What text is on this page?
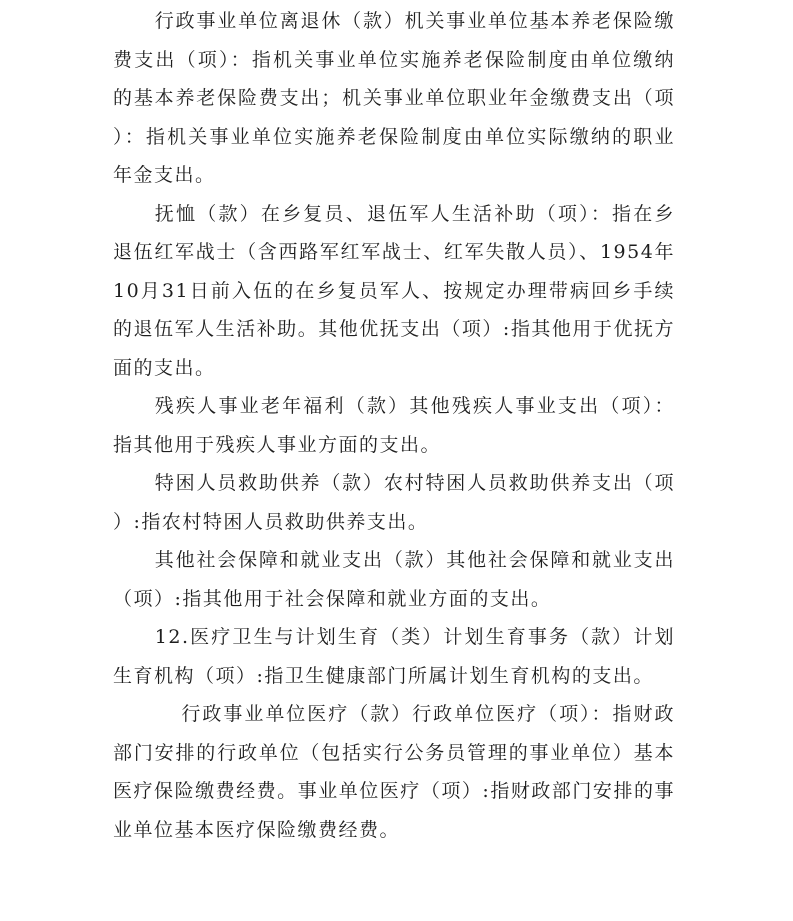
行政事业单位离退休（款）机关事业单位基本养老保险缴费支出（项）：指机关事业单位实施养老保险制度由单位缴纳的基本养老保险费支出；机关事业单位职业年金缴费支出（项）：指机关事业单位实施养老保险制度由单位实际缴纳的职业年金支出。

抚恤（款）在乡复员、退伍军人生活补助（项）：指在乡退伍红军战士（含西路军红军战士、红军失散人员）、1954年10月31日前入伍的在乡复员军人、按规定办理带病回乡手续的退伍军人生活补助。其他优抚支出（项）:指其他用于优抚方面的支出。

残疾人事业老年福利（款）其他残疾人事业支出（项）：指其他用于残疾人事业方面的支出。

特困人员救助供养（款）农村特困人员救助供养支出（项）:指农村特困人员救助供养支出。

其他社会保障和就业支出（款）其他社会保障和就业支出（项）:指其他用于社会保障和就业方面的支出。

12.医疗卫生与计划生育（类）计划生育事务（款）计划生育机构（项）:指卫生健康部门所属计划生育机构的支出。

行政事业单位医疗（款）行政单位医疗（项）：指财政部门安排的行政单位（包括实行公务员管理的事业单位）基本医疗保险缴费经费。事业单位医疗（项）:指财政部门安排的事业单位基本医疗保险缴费经费。
